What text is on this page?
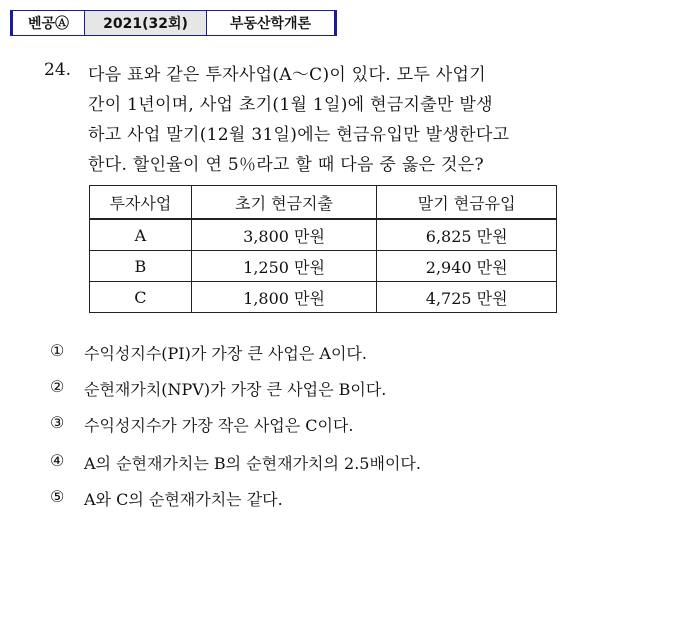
벤공Ⓐ	2021(32회)	부동산학개론
24. 다음 표와 같은 투자사업(A～C)이 있다. 모두 사업기
간이 1년이며, 사업 초기(1월 1일)에 현금지출만 발생
하고 사업 말기(12월 31일)에는 현금유입만 발생한다고
한다. 할인율이 연 5％라고 할 때 다음 중 옳은 것은?
투자사업	초기 현금지출	말기 현금유입
A	3,800 만원	6,825 만원
B	1,250 만원	2,940 만원
C	1,800 만원	4,725 만원
①	수익성지수(PI)가 가장 큰 사업은 A이다.
②	순현재가치(NPV)가 가장 큰 사업은 B이다.
③	수익성지수가 가장 작은 사업은 C이다.
④	A의 순현재가치는 B의 순현재가치의 2.5배이다.
⑤	A와 C의 순현재가치는 같다.
